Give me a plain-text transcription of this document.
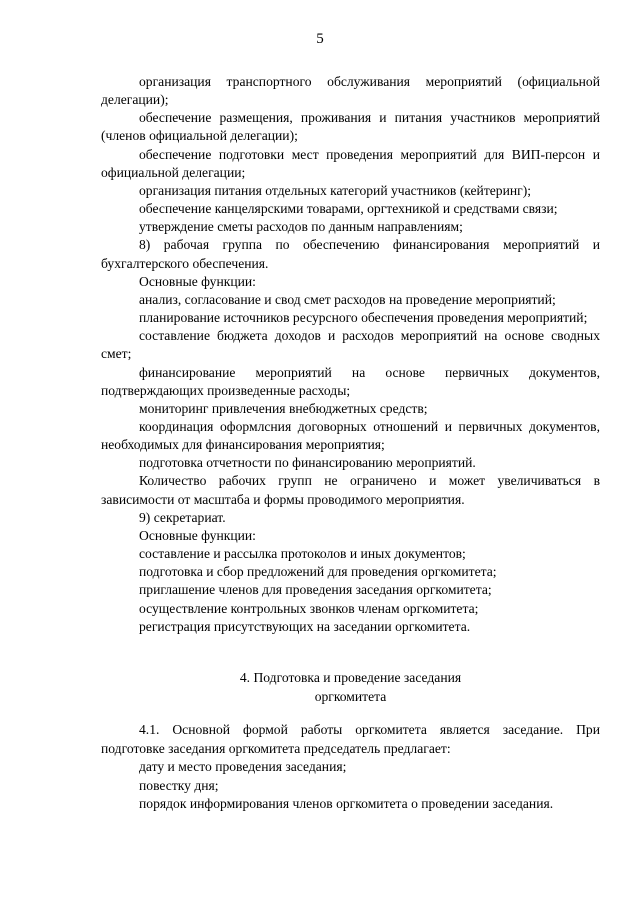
5

организация транспортного обслуживания мероприятий (официальной делегации);

обеспечение размещения, проживания и питания участников мероприятий (членов официальной делегации);

обеспечение подготовки мест проведения мероприятий для ВИП-персон и официальной делегации;

организация питания отдельных категорий участников (кейтеринг);

обеспечение канцелярскими товарами, оргтехникой и средствами связи;

утверждение сметы расходов по данным направлениям;

8) рабочая группа по обеспечению финансирования мероприятий и бухгалтерского обеспечения.

Основные функции:

анализ, согласование и свод смет расходов на проведение мероприятий;

планирование источников ресурсного обеспечения проведения мероприятий;

составление бюджета доходов и расходов мероприятий на основе сводных смет;

финансирование мероприятий на основе первичных документов, подтверждающих произведенные расходы;

мониторинг привлечения внебюджетных средств;

координация оформлсния договорных отношений и первичных документов, необходимых для финансирования мероприятия;

подготовка отчетности по финансированию мероприятий.

Количество рабочих групп не ограничено и может увеличиваться в зависимости от масштаба и формы проводимого мероприятия.

9) секретариат.

Основные функции:

составление и рассылка протоколов и иных документов;

подготовка и сбор предложений для проведения оргкомитета;

приглашение членов для проведения заседания оргкомитета;

осуществление контрольных звонков членам оргкомитета;

регистрация присутствующих на заседании оргкомитета.

4. Подготовка и проведение заседания
оргкомитета

4.1. Основной формой работы оргкомитета является заседание. При подготовке заседания оргкомитета председатель предлагает:

дату и место проведения заседания;

повестку дня;

порядок информирования членов оргкомитета о проведении заседания.
